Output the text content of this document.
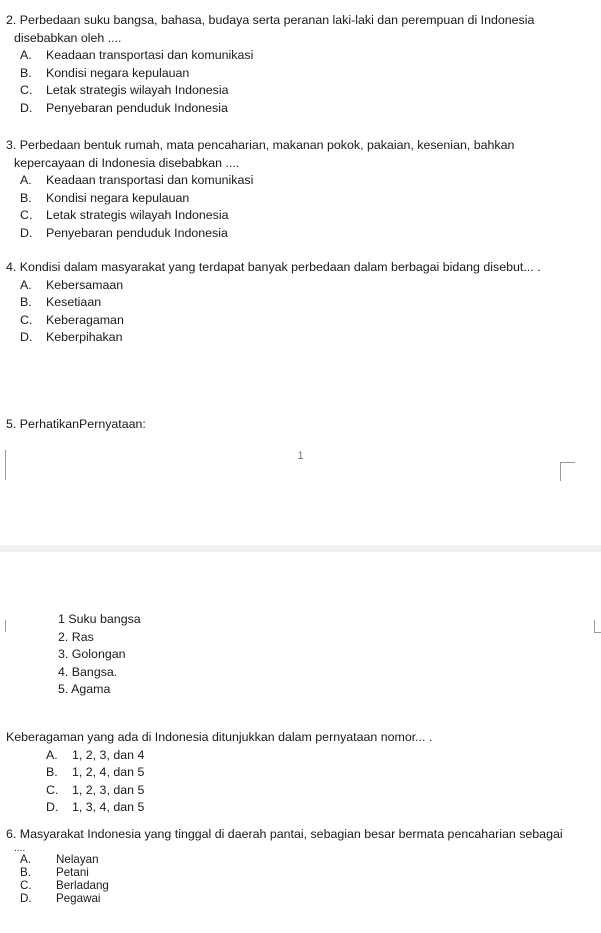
2. Perbedaan suku bangsa, bahasa, budaya serta peranan laki-laki dan perempuan di Indonesia
disebabkan oleh ....
A.	Keadaan transportasi dan komunikasi
B.	Kondisi negara kepulauan
C.	Letak strategis wilayah Indonesia
D.	Penyebaran penduduk Indonesia
3. Perbedaan bentuk rumah, mata pencaharian, makanan pokok, pakaian, kesenian, bahkan
kepercayaan di Indonesia disebabkan ....
A.	Keadaan transportasi dan komunikasi
B.	Kondisi negara kepulauan
C.	Letak strategis wilayah Indonesia
D.	Penyebaran penduduk Indonesia
4. Kondisi dalam masyarakat yang terdapat banyak perbedaan dalam berbagai bidang disebut... .
A.	Kebersamaan
B.	Kesetiaan
C.	Keberagaman
D.	Keberpihakan
5. PerhatikanPernyataan:
1
1 Suku bangsa
2. Ras
3. Golongan
4. Bangsa.
5. Agama
Keberagaman yang ada di Indonesia ditunjukkan dalam pernyataan nomor... .
A.	1, 2, 3, dan 4
B.	1, 2, 4, dan 5
C.	1, 2, 3, dan 5
D.	1, 3, 4, dan 5
6. Masyarakat Indonesia yang tinggal di daerah pantai, sebagian besar bermata pencaharian sebagai
....
A.	Nelayan
B.	Petani
C.	Berladang
D.	Pegawai
